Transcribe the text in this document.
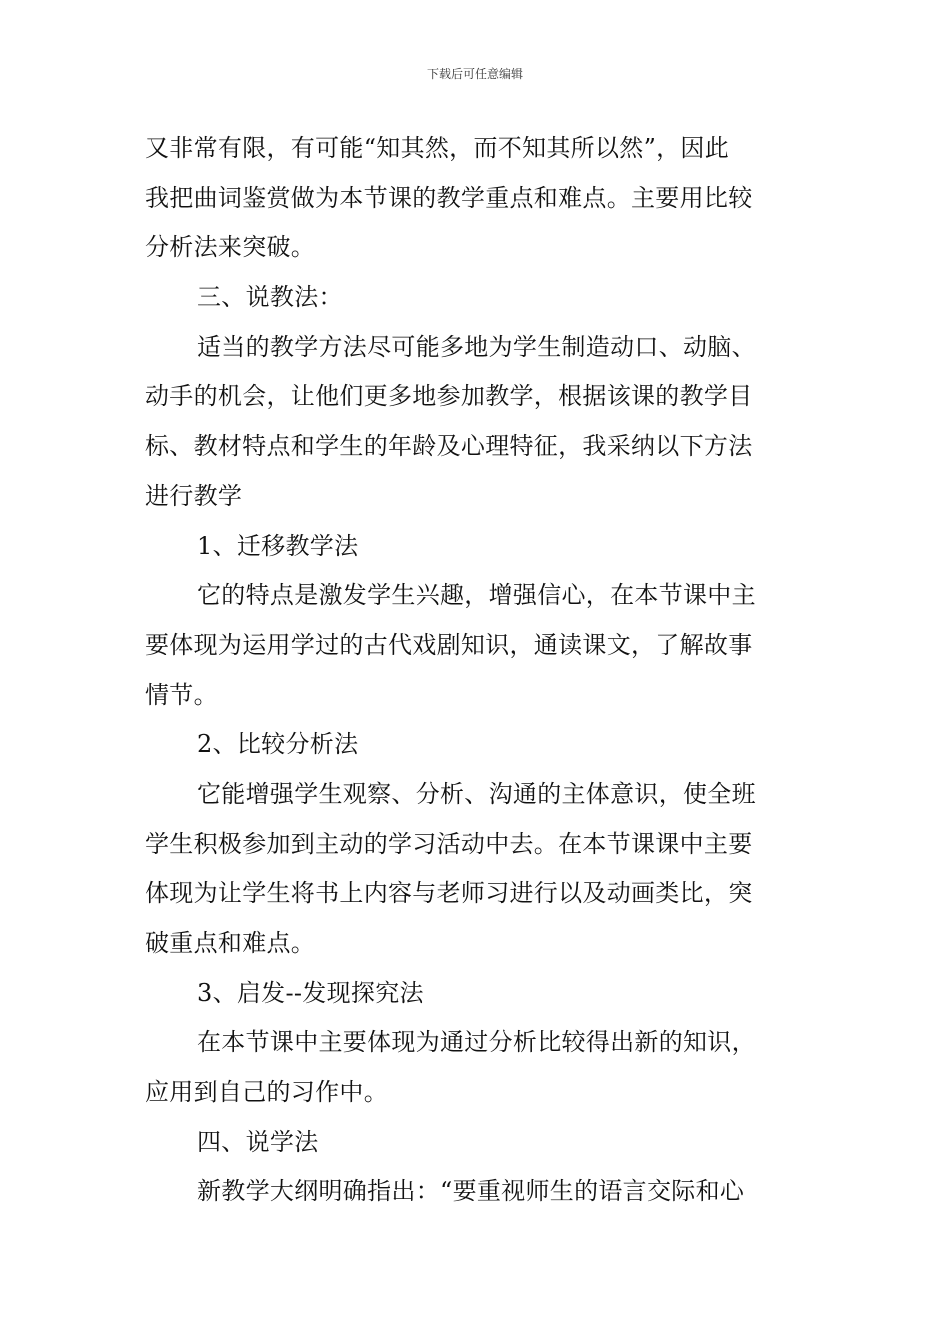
下载后可任意编辑
又非常有限，有可能“知其然，而不知其所以然”，因此
我把曲词鉴赏做为本节课的教学重点和难点。主要用比较
分析法来突破。
三、说教法：
适当的教学方法尽可能多地为学生制造动口、动脑、
动手的机会，让他们更多地参加教学，根据该课的教学目
标、教材特点和学生的年龄及心理特征，我采纳以下方法
进行教学
1、迁移教学法
它的特点是激发学生兴趣，增强信心，在本节课中主
要体现为运用学过的古代戏剧知识，通读课文，了解故事
情节。
2、比较分析法
它能增强学生观察、分析、沟通的主体意识，使全班
学生积极参加到主动的学习活动中去。在本节课课中主要
体现为让学生将书上内容与老师习进行以及动画类比，突
破重点和难点。
3、启发--发现探究法
在本节课中主要体现为通过分析比较得出新的知识，
应用到自己的习作中。
四、说学法
新教学大纲明确指出：“要重视师生的语言交际和心
